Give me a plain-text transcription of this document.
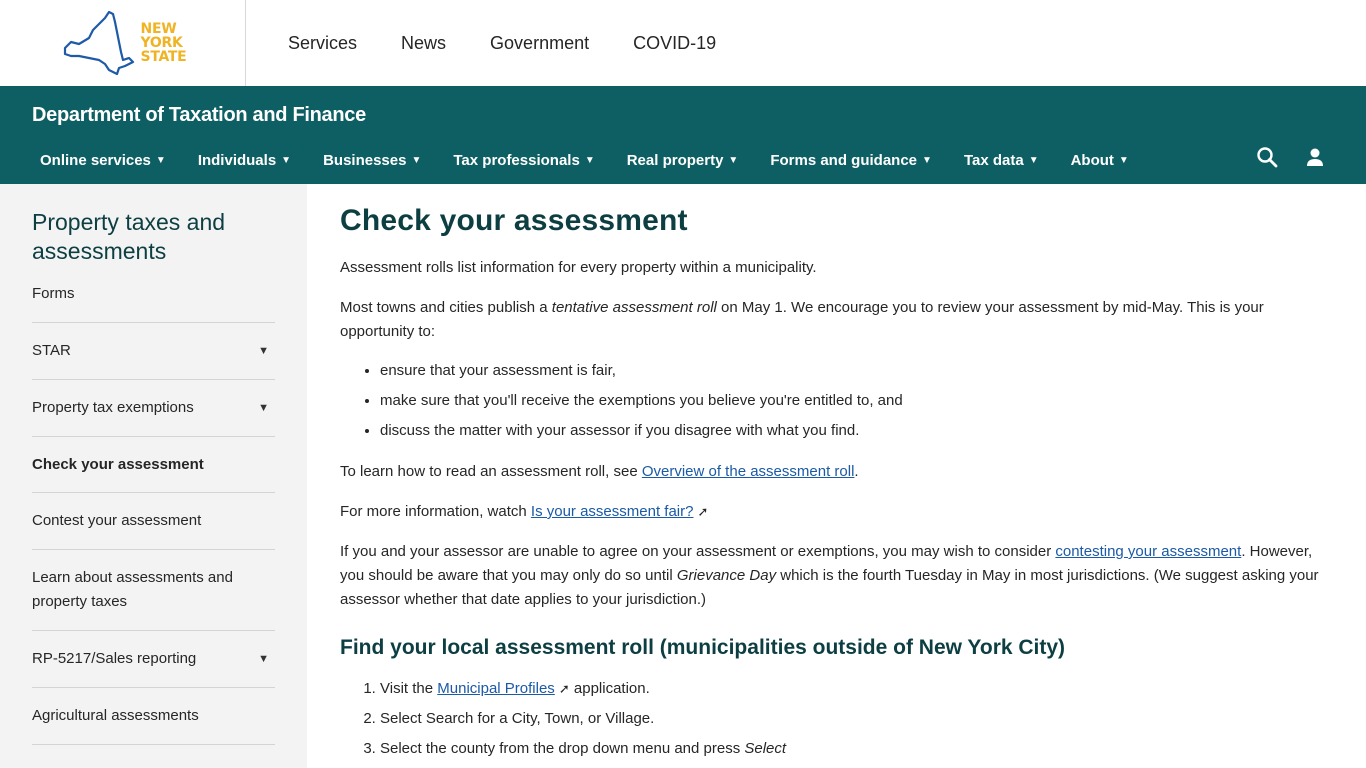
NEW
YORK
STATE
Services News Government COVID-19
Department of Taxation and Finance
Online services ▼ Individuals ▼ Businesses ▼ Tax professionals ▼ Real property ▼ Forms and guidance ▼ Tax data ▼ About ▼
Property taxes and assessments
Forms
STAR	▼
Property tax exemptions	▼
Check your assessment
Contest your assessment
Learn about assessments and property taxes
RP-5217/Sales reporting	▼
Agricultural assessments
Check your assessment

Assessment rolls list information for every property within a municipality.

Most towns and cities publish a tentative assessment roll on May 1. We encourage you to review your assessment by mid-May. This is your opportunity to:

• ensure that your assessment is fair,
• make sure that you'll receive the exemptions you believe you're entitled to, and
• discuss the matter with your assessor if you disagree with what you find.

To learn how to read an assessment roll, see Overview of the assessment roll.

For more information, watch Is your assessment fair? ➚

If you and your assessor are unable to agree on your assessment or exemptions, you may wish to consider contesting your assessment. However, you should be aware that you may only do so until Grievance Day which is the fourth Tuesday in May in most jurisdictions. (We suggest asking your assessor whether that date applies to your jurisdiction.)

Find your local assessment roll (municipalities outside of New York City)
1. Visit the Municipal Profiles ➚ application.
2. Select Search for a City, Town, or Village.
3. Select the county from the drop down menu and press Select
